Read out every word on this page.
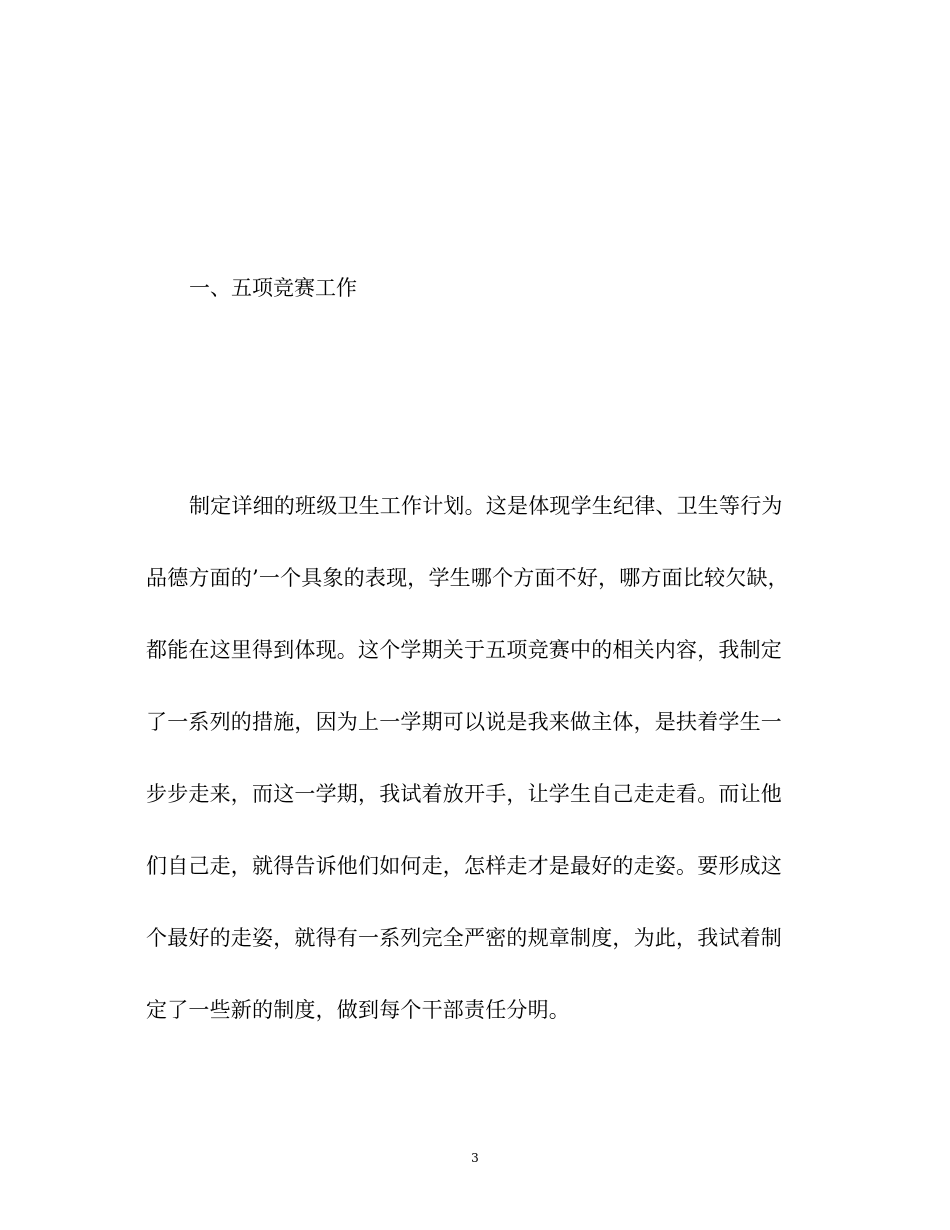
一、五项竞赛工作
制定详细的班级卫生工作计划。这是体现学生纪律、卫生等行为
品德方面的’一个具象的表现，学生哪个方面不好，哪方面比较欠缺，
都能在这里得到体现。这个学期关于五项竞赛中的相关内容，我制定
了一系列的措施，因为上一学期可以说是我来做主体，是扶着学生一
步步走来，而这一学期，我试着放开手，让学生自己走走看。而让他
们自己走，就得告诉他们如何走，怎样走才是最好的走姿。要形成这
个最好的走姿，就得有一系列完全严密的规章制度，为此，我试着制
定了一些新的制度，做到每个干部责任分明。
3
